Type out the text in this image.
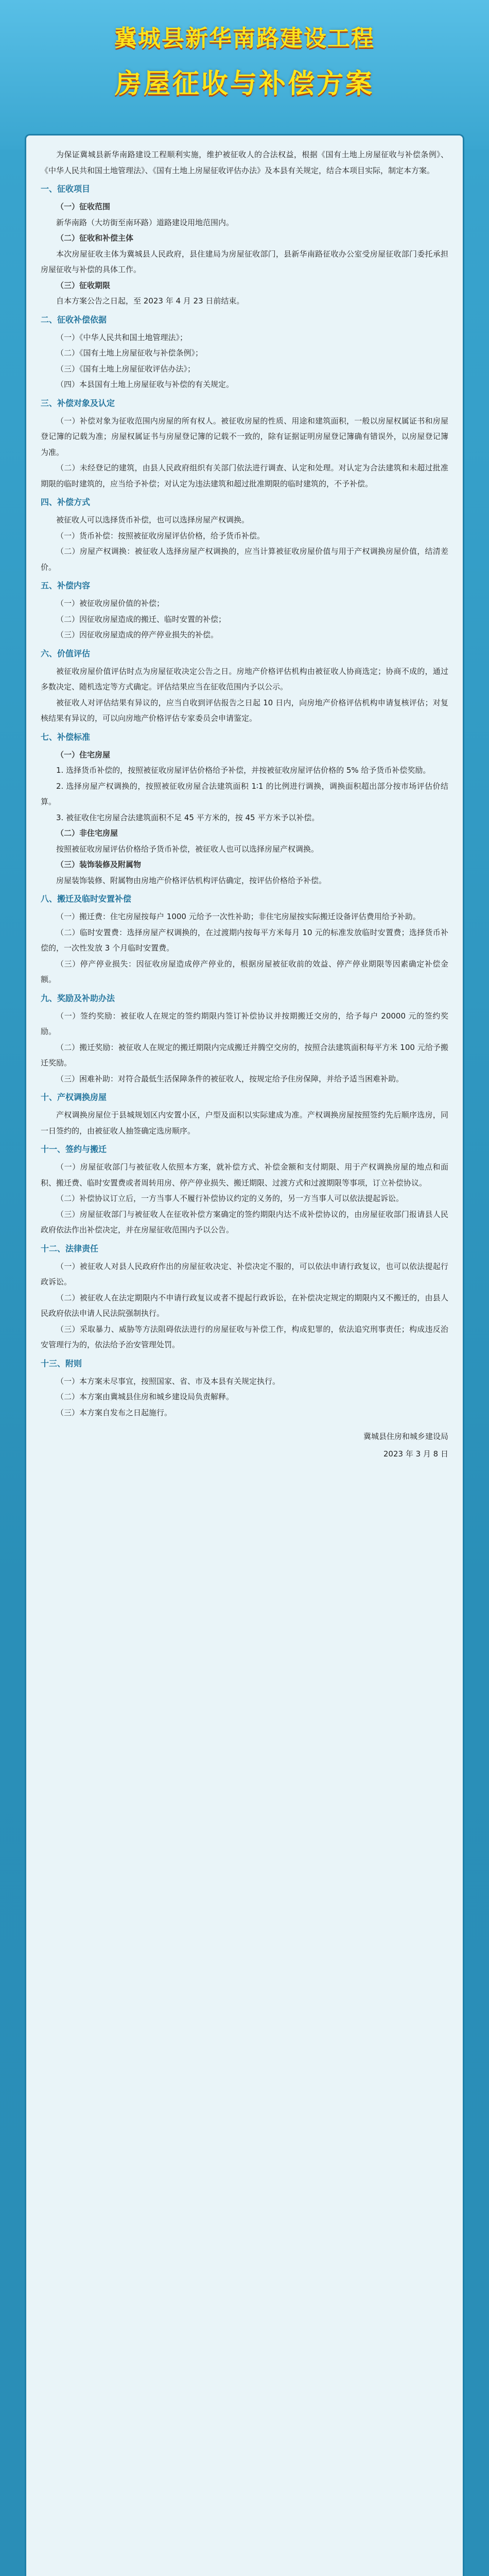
冀城县新华南路建设工程
房屋征收与补偿方案

为保证冀城县新华南路建设工程顺利实施，维护被征收人的合法权益，根据《国有土地上房屋征收与补偿条例》、《中华人民共和国土地管理法》、《国有土地上房屋征收评估办法》及本县有关规定，结合本项目实际，制定本方案。

一、征收项目
（一）征收范围

新华南路（大坊街至南环路）道路建设用地范围内。

（二）征收和补偿主体

本次房屋征收主体为冀城县人民政府，县住建局为房屋征收部门，县新华南路征收办公室受房屋征收部门委托承担房屋征收与补偿的具体工作。

（三）征收期限

自本方案公告之日起，至 2023 年 4 月 23 日前结束。

二、征收补偿依据

（一）《中华人民共和国土地管理法》；

（二）《国有土地上房屋征收与补偿条例》；

（三）《国有土地上房屋征收评估办法》；

（四）本县国有土地上房屋征收与补偿的有关规定。

三、补偿对象及认定

（一）补偿对象为征收范围内房屋的所有权人。被征收房屋的性质、用途和建筑面积，一般以房屋权属证书和房屋登记簿的记载为准；房屋权属证书与房屋登记簿的记载不一致的，除有证据证明房屋登记簿确有错误外，以房屋登记簿为准。

（二）未经登记的建筑，由县人民政府组织有关部门依法进行调查、认定和处理。对认定为合法建筑和未超过批准期限的临时建筑的，应当给予补偿；对认定为违法建筑和超过批准期限的临时建筑的，不予补偿。

四、补偿方式

被征收人可以选择货币补偿，也可以选择房屋产权调换。

（一）货币补偿：按照被征收房屋评估价格，给予货币补偿。

（二）房屋产权调换：被征收人选择房屋产权调换的，应当计算被征收房屋价值与用于产权调换房屋价值，结清差价。

五、补偿内容

（一）被征收房屋价值的补偿；

（二）因征收房屋造成的搬迁、临时安置的补偿；

（三）因征收房屋造成的停产停业损失的补偿。

六、价值评估

被征收房屋价值评估时点为房屋征收决定公告之日。房地产价格评估机构由被征收人协商选定；协商不成的，通过多数决定、随机选定等方式确定。评估结果应当在征收范围内予以公示。

被征收人对评估结果有异议的，应当自收到评估报告之日起 10 日内，向房地产价格评估机构申请复核评估；对复核结果有异议的，可以向房地产价格评估专家委员会申请鉴定。

七、补偿标准
（一）住宅房屋

1. 选择货币补偿的，按照被征收房屋评估价格给予补偿，并按被征收房屋评估价格的 5% 给予货币补偿奖励。

2. 选择房屋产权调换的，按照被征收房屋合法建筑面积 1∶1 的比例进行调换，调换面积超出部分按市场评估价结算。

3. 被征收住宅房屋合法建筑面积不足 45 平方米的，按 45 平方米予以补偿。

（二）非住宅房屋

按照被征收房屋评估价格给予货币补偿，被征收人也可以选择房屋产权调换。

（三）装饰装修及附属物

房屋装饰装修、附属物由房地产价格评估机构评估确定，按评估价格给予补偿。

八、搬迁及临时安置补偿

（一）搬迁费：住宅房屋按每户 1000 元给予一次性补助；非住宅房屋按实际搬迁设备评估费用给予补助。

（二）临时安置费：选择房屋产权调换的，在过渡期内按每平方米每月 10 元的标准发放临时安置费；选择货币补偿的，一次性发放 3 个月临时安置费。

（三）停产停业损失：因征收房屋造成停产停业的，根据房屋被征收前的效益、停产停业期限等因素确定补偿金额。

九、奖励及补助办法

（一）签约奖励：被征收人在规定的签约期限内签订补偿协议并按期搬迁交房的，给予每户 20000 元的签约奖励。

（二）搬迁奖励：被征收人在规定的搬迁期限内完成搬迁并腾空交房的，按照合法建筑面积每平方米 100 元给予搬迁奖励。

（三）困难补助：对符合最低生活保障条件的被征收人，按规定给予住房保障，并给予适当困难补助。

十、产权调换房屋

产权调换房屋位于县城规划区内安置小区，户型及面积以实际建成为准。产权调换房屋按照签约先后顺序选房，同一日签约的，由被征收人抽签确定选房顺序。

十一、签约与搬迁

（一）房屋征收部门与被征收人依照本方案，就补偿方式、补偿金额和支付期限、用于产权调换房屋的地点和面积、搬迁费、临时安置费或者周转用房、停产停业损失、搬迁期限、过渡方式和过渡期限等事项，订立补偿协议。

（二）补偿协议订立后，一方当事人不履行补偿协议约定的义务的，另一方当事人可以依法提起诉讼。

（三）房屋征收部门与被征收人在征收补偿方案确定的签约期限内达不成补偿协议的，由房屋征收部门报请县人民政府依法作出补偿决定，并在房屋征收范围内予以公告。

十二、法律责任

（一）被征收人对县人民政府作出的房屋征收决定、补偿决定不服的，可以依法申请行政复议，也可以依法提起行政诉讼。

（二）被征收人在法定期限内不申请行政复议或者不提起行政诉讼，在补偿决定规定的期限内又不搬迁的，由县人民政府依法申请人民法院强制执行。

（三）采取暴力、威胁等方法阻碍依法进行的房屋征收与补偿工作，构成犯罪的，依法追究刑事责任；构成违反治安管理行为的，依法给予治安管理处罚。

十三、附则

（一）本方案未尽事宜，按照国家、省、市及本县有关规定执行。

（二）本方案由冀城县住房和城乡建设局负责解释。

（三）本方案自发布之日起施行。

冀城县住房和城乡建设局
2023 年 3 月 8 日
